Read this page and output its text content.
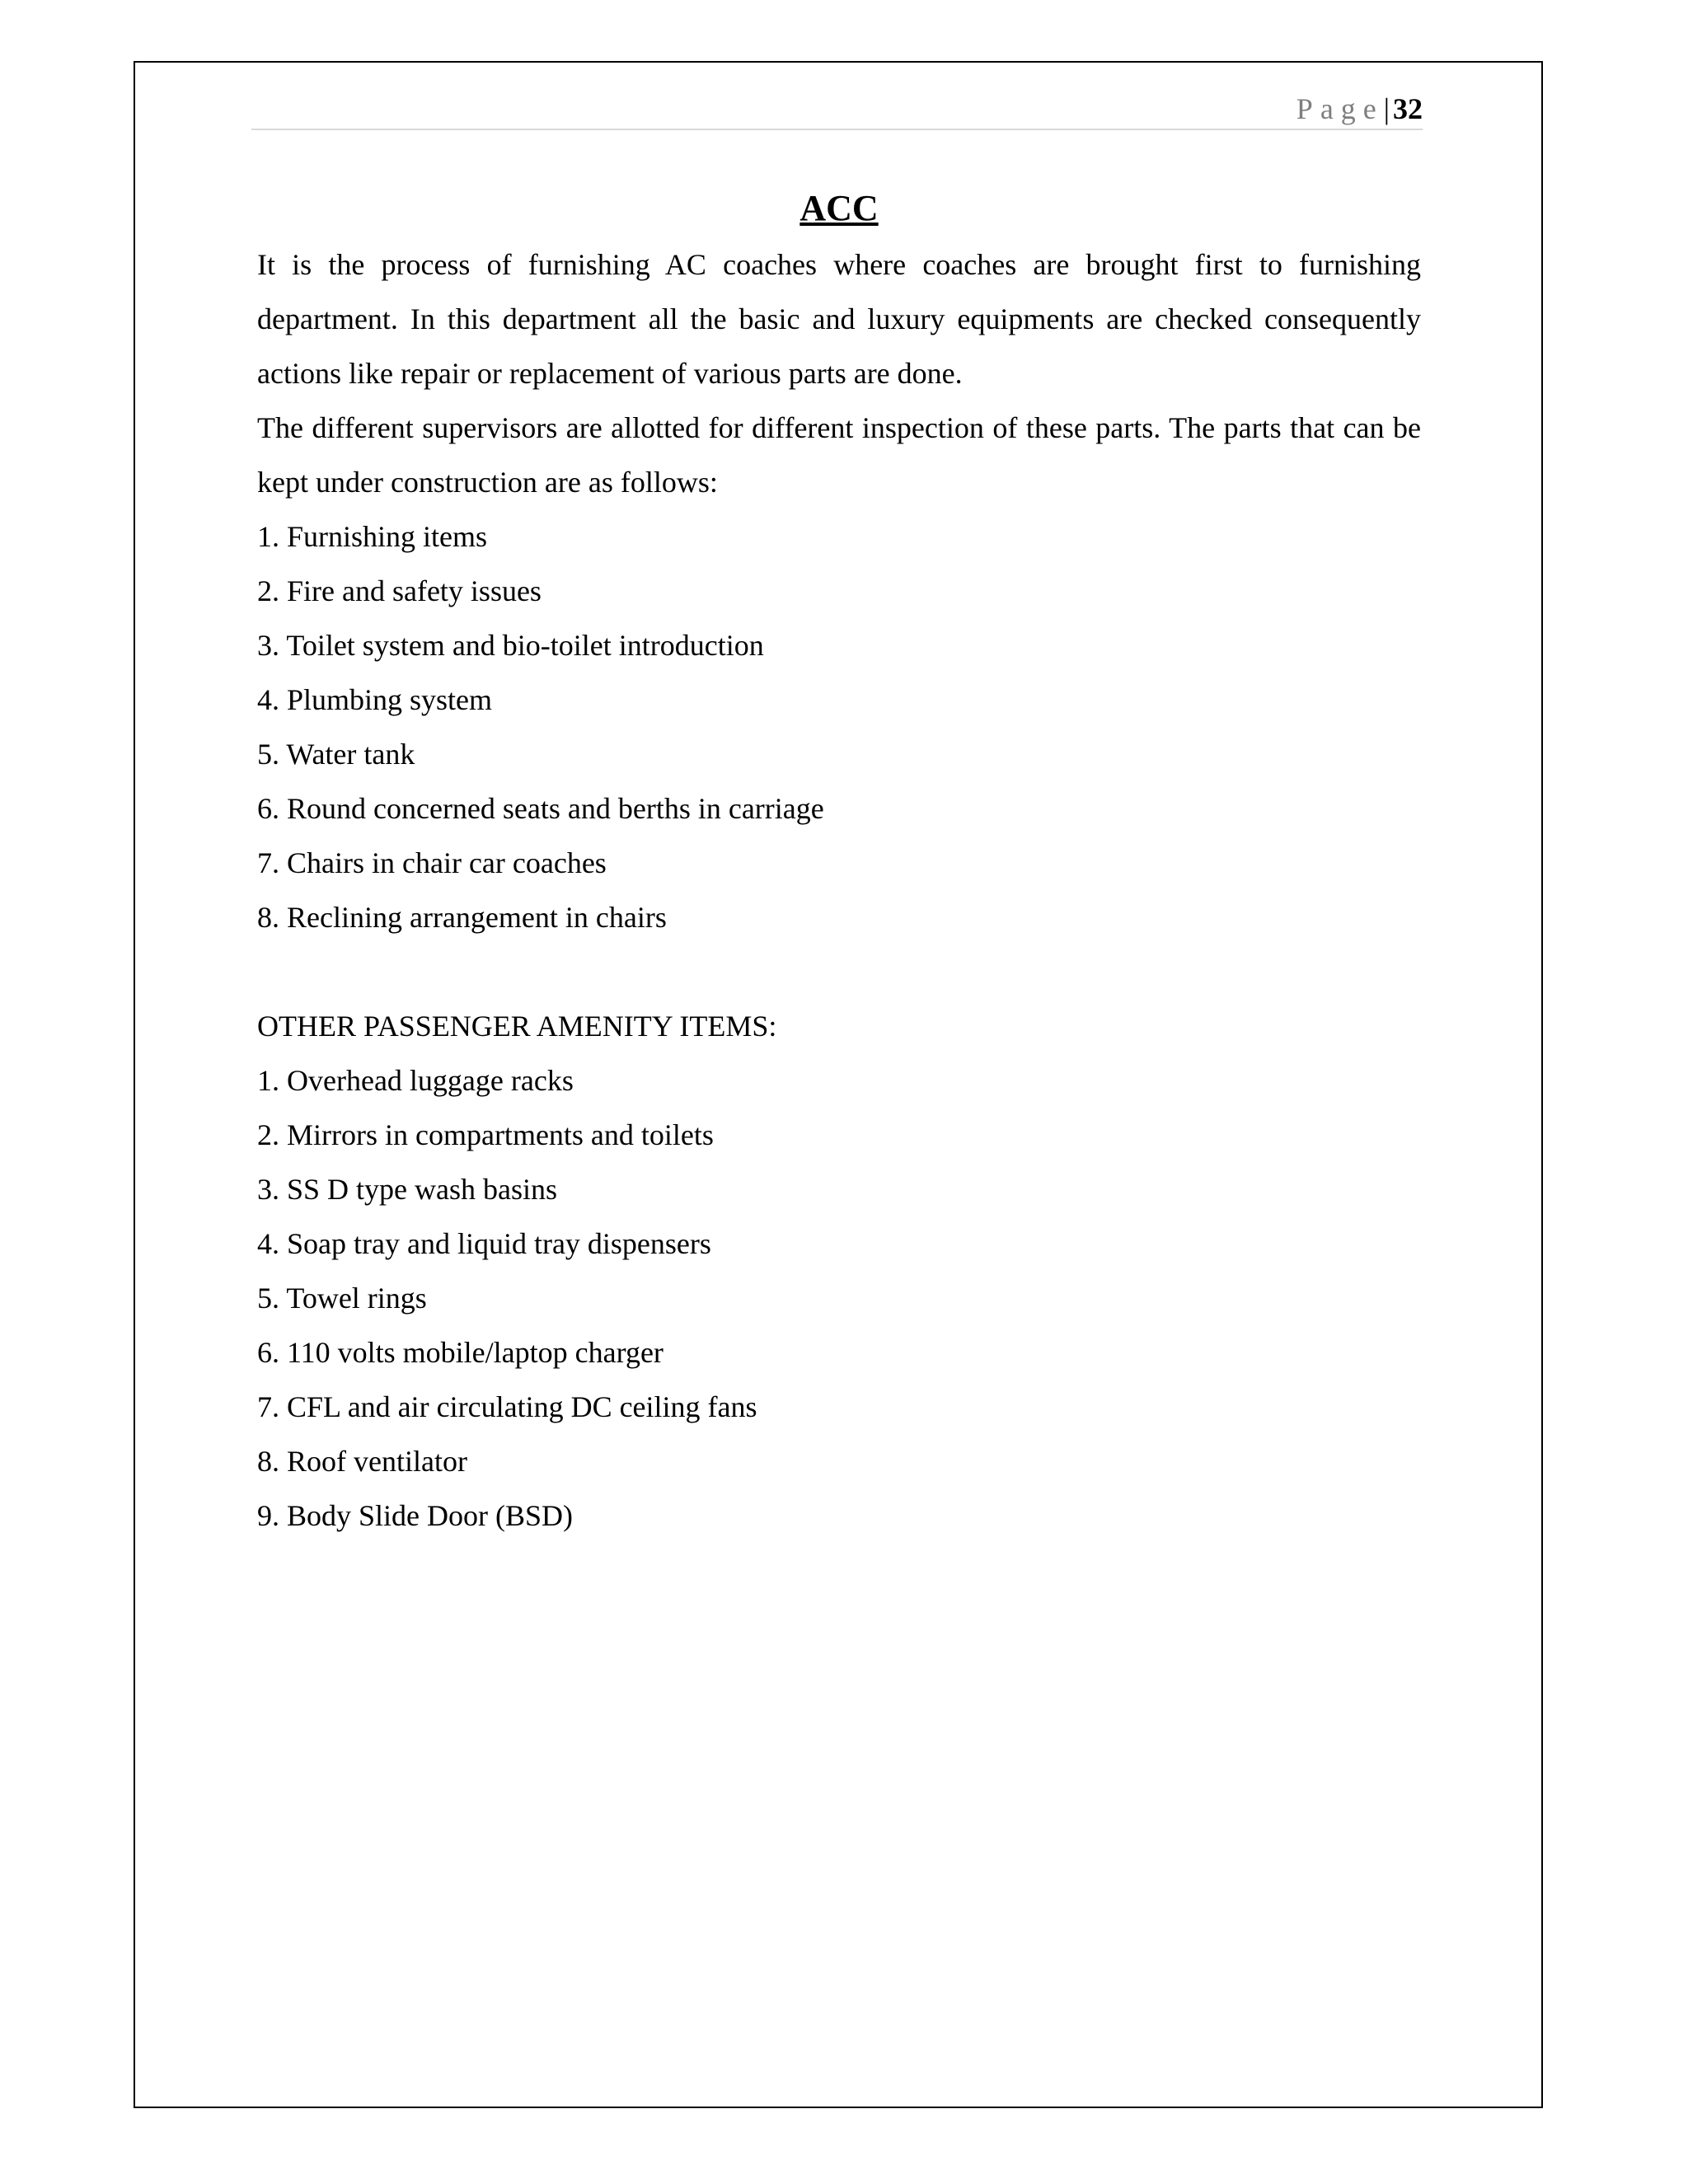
Page| 32
ACC

It is the process of furnishing AC coaches where coaches are brought first to furnishing department. In this department all the basic and luxury equipments are checked consequently actions like repair or replacement of various parts are done.

The different supervisors are allotted for different inspection of these parts. The parts that can be kept under construction are as follows:

1. Furnishing items
2. Fire and safety issues
3. Toilet system and bio-toilet introduction
4. Plumbing system
5. Water tank
6. Round concerned seats and berths in carriage
7. Chairs in chair car coaches
8. Reclining arrangement in chairs

OTHER PASSENGER AMENITY ITEMS:

1. Overhead luggage racks
2. Mirrors in compartments and toilets
3. SS D type wash basins
4. Soap tray and liquid tray dispensers
5. Towel rings
6. 110 volts mobile/laptop charger
7. CFL and air circulating DC ceiling fans
8. Roof ventilator
9. Body Slide Door (BSD)
